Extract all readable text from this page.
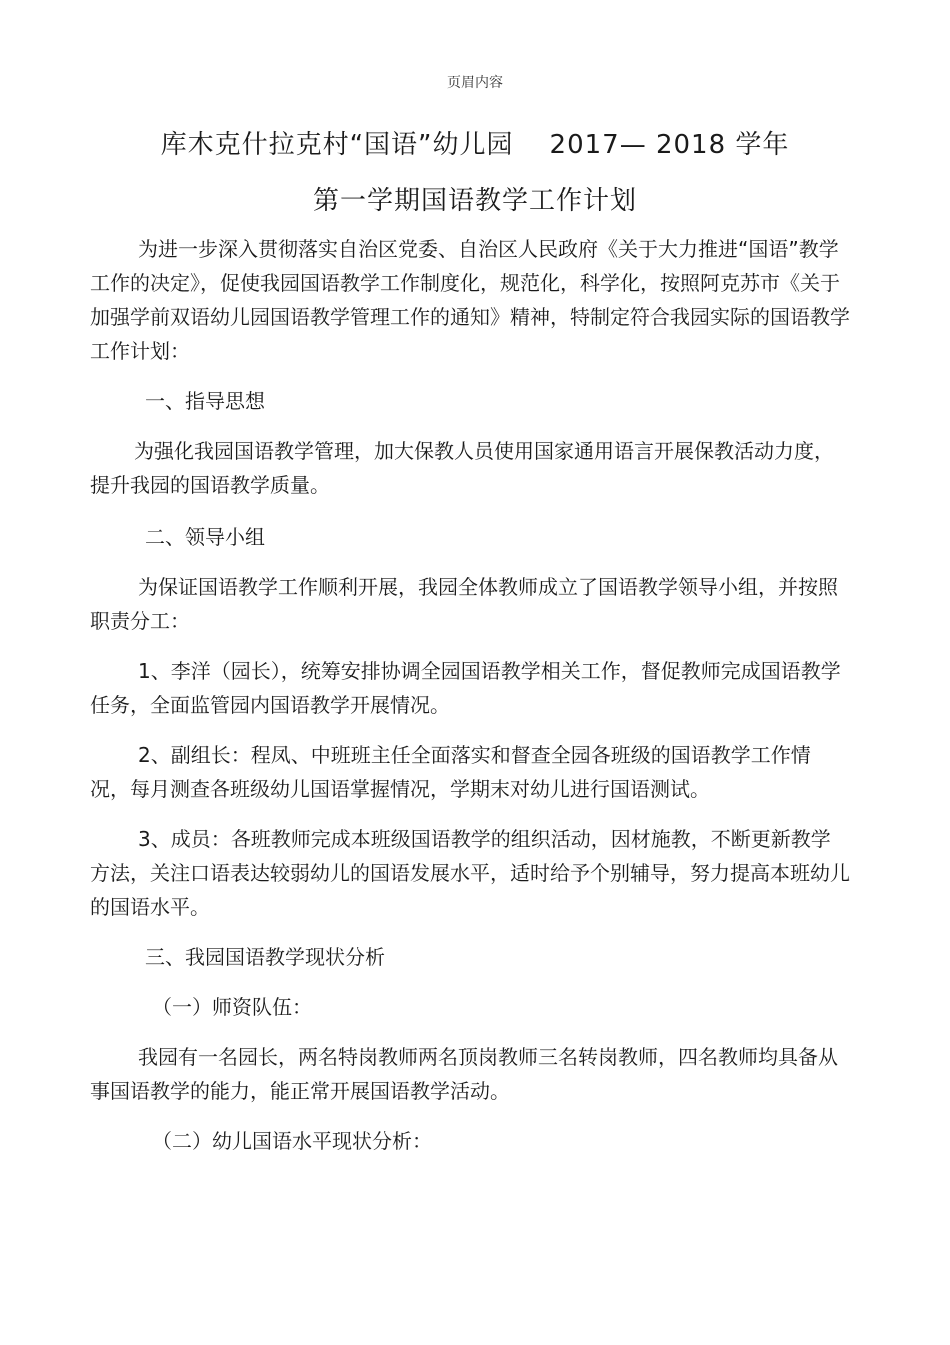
页眉内容
库木克什拉克村“国语”幼儿园 2017— 2018 学年
第一学期国语教学工作计划

为进一步深入贯彻落实自治区党委、自治区人民政府《关于大力推进“国语”教学工作的决定》，促使我园国语教学工作制度化，规范化，科学化，按照阿克苏市《关于加强学前双语幼儿园国语教学管理工作的通知》精神，特制定符合我园实际的国语教学工作计划：

一、指导思想

为强化我园国语教学管理，加大保教人员使用国家通用语言开展保教活动力度，提升我园的国语教学质量。

二、领导小组

为保证国语教学工作顺利开展，我园全体教师成立了国语教学领导小组，并按照职责分工：

1、李洋（园长），统筹安排协调全园国语教学相关工作，督促教师完成国语教学任务，全面监管园内国语教学开展情况。

2、副组长：程凤、中班班主任全面落实和督查全园各班级的国语教学工作情况，每月测查各班级幼儿国语掌握情况，学期末对幼儿进行国语测试。

3、成员：各班教师完成本班级国语教学的组织活动，因材施教，不断更新教学方法，关注口语表达较弱幼儿的国语发展水平，适时给予个别辅导，努力提高本班幼儿的国语水平。

三、我园国语教学现状分析

（一）师资队伍：

我园有一名园长，两名特岗教师两名顶岗教师三名转岗教师，四名教师均具备从事国语教学的能力，能正常开展国语教学活动。

（二）幼儿国语水平现状分析：
